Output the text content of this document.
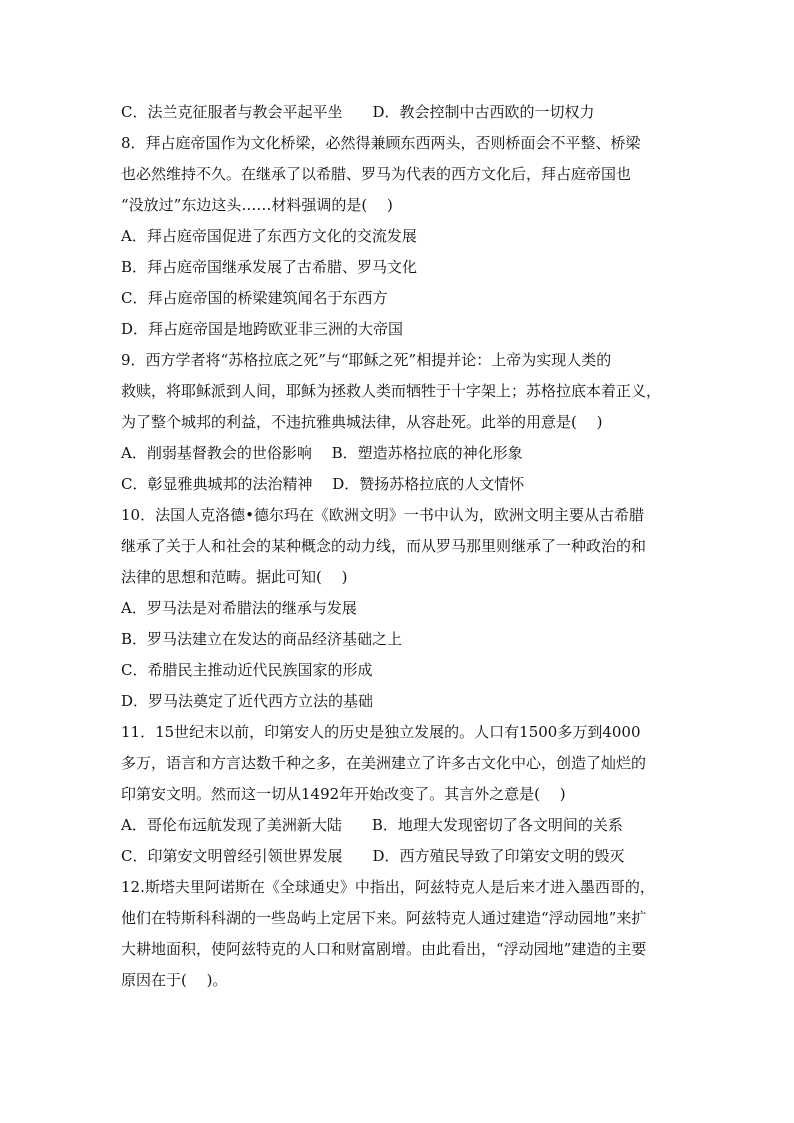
C．法兰克征服者与教会平起平坐　　D．教会控制中古西欧的一切权力
8．拜占庭帝国作为文化桥梁，必然得兼顾东西两头，否则桥面会不平整、桥梁
也必然维持不久。在继承了以希腊、罗马为代表的西方文化后，拜占庭帝国也
“没放过”东边这头……材料强调的是(　 )
A．拜占庭帝国促进了东西方文化的交流发展
B．拜占庭帝国继承发展了古希腊、罗马文化
C．拜占庭帝国的桥梁建筑闻名于东西方
D．拜占庭帝国是地跨欧亚非三洲的大帝国
9．西方学者将“苏格拉底之死”与“耶稣之死”相提并论：上帝为实现人类的
救赎，将耶稣派到人间，耶稣为拯救人类而牺牲于十字架上；苏格拉底本着正义，
为了整个城邦的利益，不违抗雅典城法律，从容赴死。此举的用意是(　 )
A．削弱基督教会的世俗影响　 B．塑造苏格拉底的神化形象
C．彰显雅典城邦的法治精神　 D．赞扬苏格拉底的人文情怀
10．法国人克洛德•德尔玛在《欧洲文明》一书中认为，欧洲文明主要从古希腊
继承了关于人和社会的某种概念的动力线，而从罗马那里则继承了一种政治的和
法律的思想和范畴。据此可知(　 )
A．罗马法是对希腊法的继承与发展
B．罗马法建立在发达的商品经济基础之上
C．希腊民主推动近代民族国家的形成
D．罗马法奠定了近代西方立法的基础
11．15世纪末以前，印第安人的历史是独立发展的。人口有1500多万到4000
多万，语言和方言达数千种之多，在美洲建立了许多古文化中心，创造了灿烂的
印第安文明。然而这一切从1492年开始改变了。其言外之意是(　 )
A．哥伦布远航发现了美洲新大陆　　B．地理大发现密切了各文明间的关系
C．印第安文明曾经引领世界发展　　D．西方殖民导致了印第安文明的毁灭
12.斯塔夫里阿诺斯在《全球通史》中指出，阿兹特克人是后来才进入墨西哥的，
他们在特斯科科湖的一些岛屿上定居下来。阿兹特克人通过建造“浮动园地”来扩
大耕地面积，使阿兹特克的人口和财富剧增。由此看出，“浮动园地”建造的主要
原因在于(　 )。
